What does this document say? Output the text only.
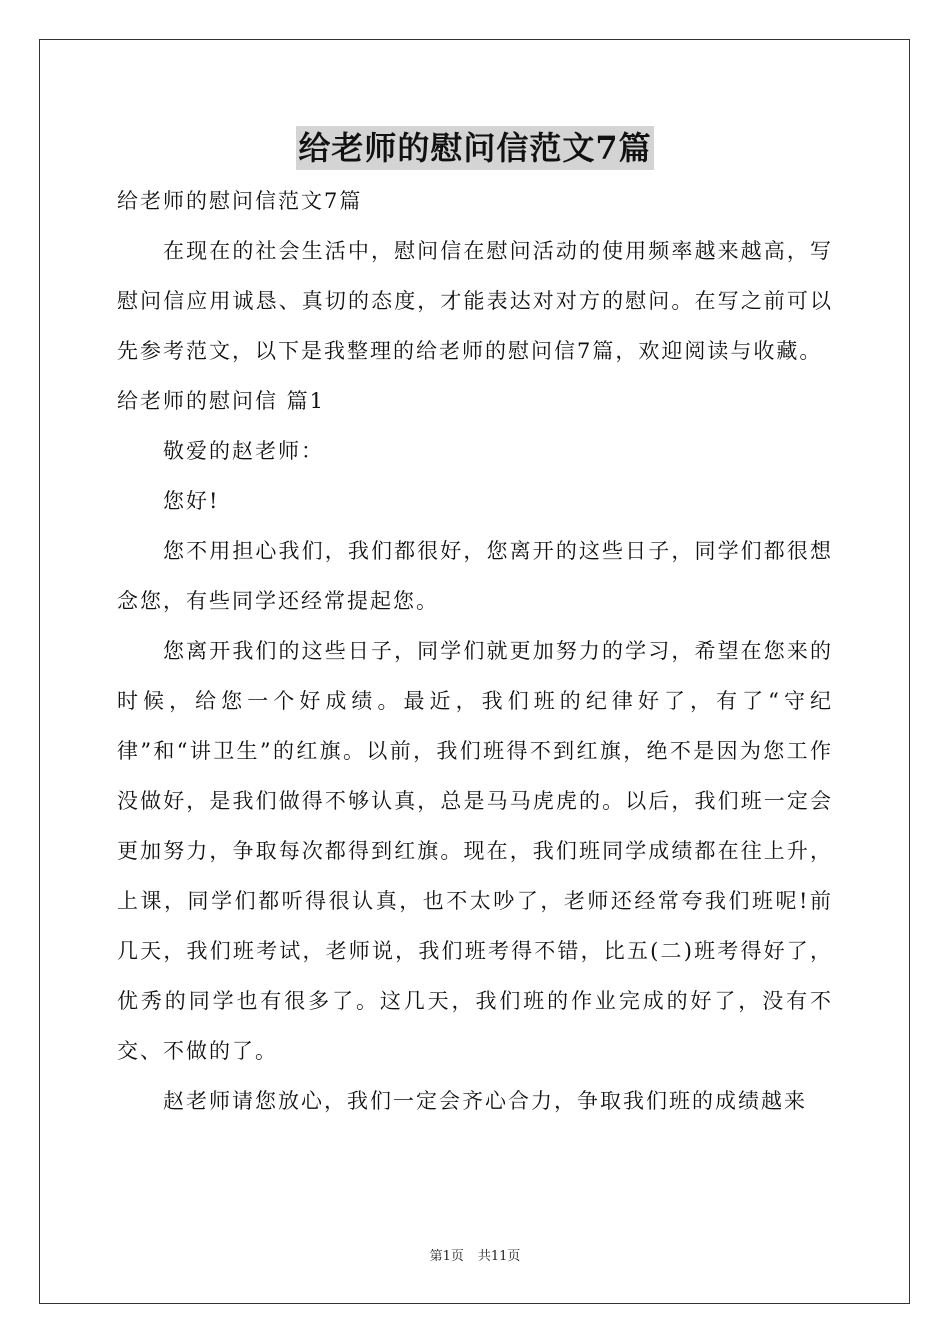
给老师的慰问信范文7篇

给老师的慰问信范文7篇

在现在的社会生活中，慰问信在慰问活动的使用频率越来越高，写慰问信应用诚恳、真切的态度，才能表达对对方的慰问。在写之前可以先参考范文，以下是我整理的给老师的慰问信7篇，欢迎阅读与收藏。

给老师的慰问信 篇1

敬爱的赵老师：

您好!

您不用担心我们，我们都很好，您离开的这些日子，同学们都很想念您，有些同学还经常提起您。

您离开我们的这些日子，同学们就更加努力的学习，希望在您来的时候，给您一个好成绩。最近，我们班的纪律好了，有了“守纪律”和“讲卫生”的红旗。以前，我们班得不到红旗，绝不是因为您工作没做好，是我们做得不够认真，总是马马虎虎的。以后，我们班一定会更加努力，争取每次都得到红旗。现在，我们班同学成绩都在往上升，上课，同学们都听得很认真，也不太吵了，老师还经常夸我们班呢!前几天，我们班考试，老师说，我们班考得不错，比五(二)班考得好了，优秀的同学也有很多了。这几天，我们班的作业完成的好了，没有不交、不做的了。

赵老师请您放心，我们一定会齐心合力，争取我们班的成绩越来

第1页 共11页
